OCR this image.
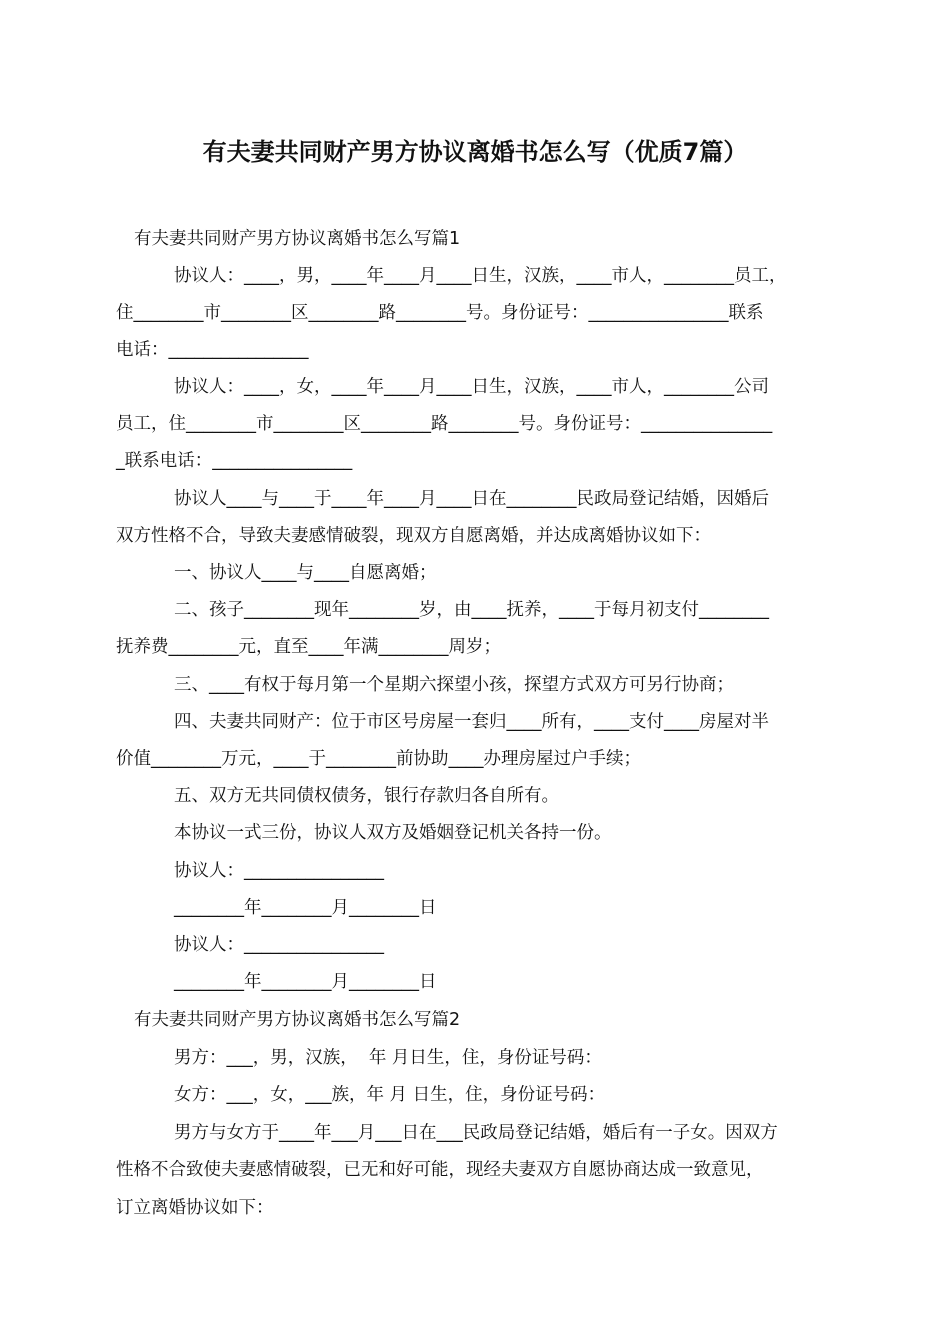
有夫妻共同财产男方协议离婚书怎么写（优质7篇）
有夫妻共同财产男方协议离婚书怎么写篇1
协议人：____，男，____年____月____日生，汉族，____市人，________员工，
住________市________区________路________号。身份证号：________________联系
电话：________________
协议人：____，女，____年____月____日生，汉族，____市人，________公司
员工，住________市________区________路________号。身份证号：_______________
_联系电话：________________
协议人____与____于____年____月____日在________民政局登记结婚，因婚后
双方性格不合，导致夫妻感情破裂，现双方自愿离婚，并达成离婚协议如下：
一、协议人____与____自愿离婚；
二、孩子________现年________岁，由____抚养，____于每月初支付________
抚养费________元，直至____年满________周岁；
三、____有权于每月第一个星期六探望小孩，探望方式双方可另行协商；
四、夫妻共同财产：位于市区号房屋一套归____所有，____支付____房屋对半
价值________万元，____于________前协助____办理房屋过户手续；
五、双方无共同债权债务，银行存款归各自所有。
本协议一式三份，协议人双方及婚姻登记机关各持一份。
协议人：________________
________年________月________日
协议人：________________
________年________月________日
有夫妻共同财产男方协议离婚书怎么写篇2
男方：___，男，汉族，  年 月日生，住，身份证号码：
女方：___，女，___族，年 月 日生，住，身份证号码：
男方与女方于____年___月___日在___民政局登记结婚，婚后有一子女。因双方
性格不合致使夫妻感情破裂，已无和好可能，现经夫妻双方自愿协商达成一致意见，
订立离婚协议如下：
